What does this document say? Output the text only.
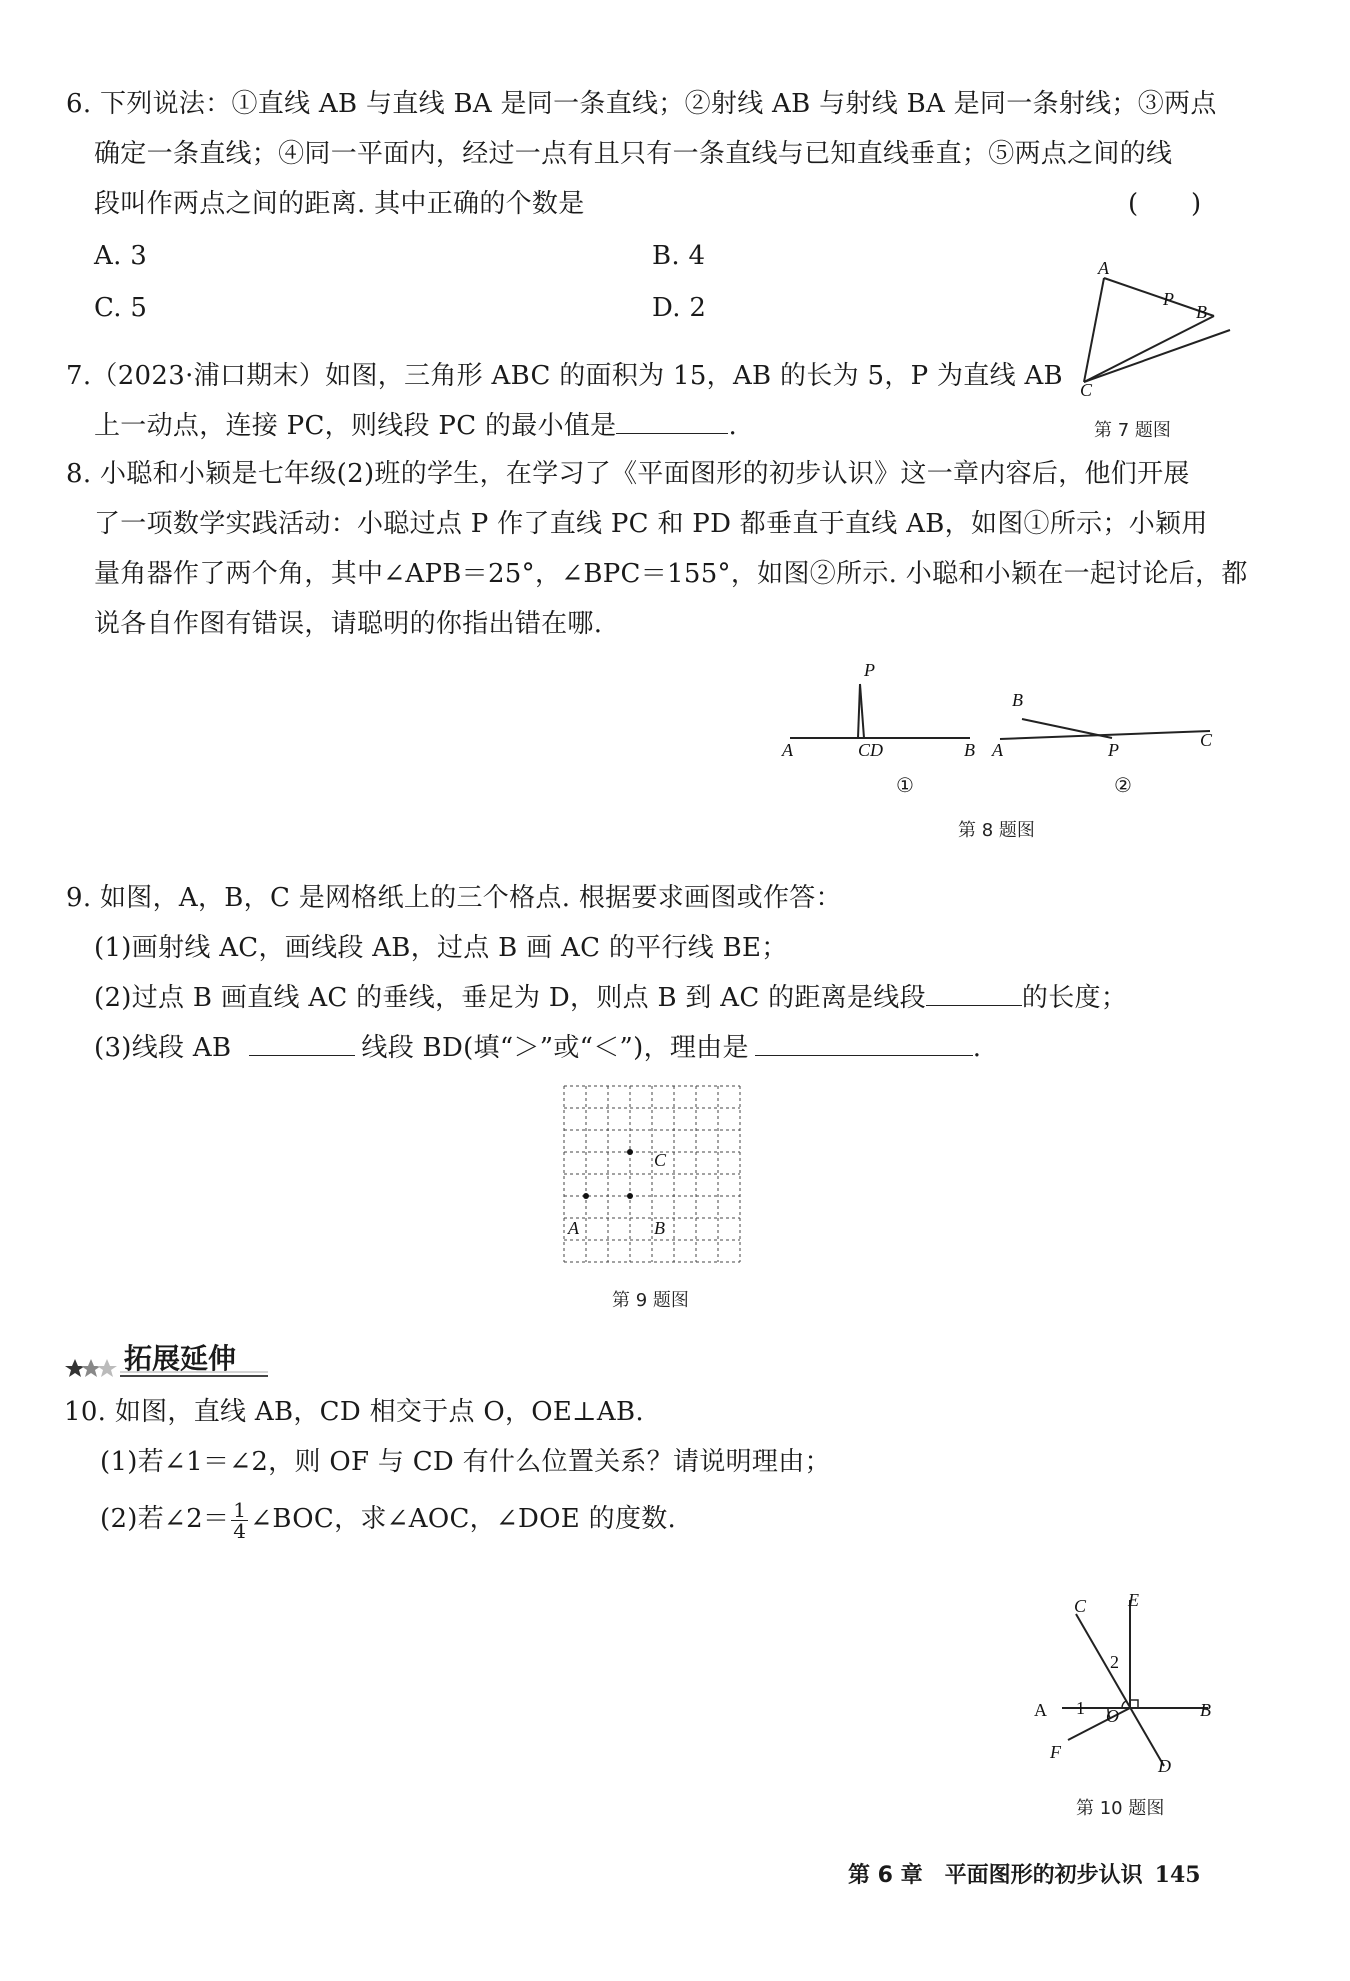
6. 下列说法：①直线 AB 与直线 BA 是同一条直线；②射线 AB 与射线 BA 是同一条射线；③两点
确定一条直线；④同一平面内，经过一点有且只有一条直线与已知直线垂直；⑤两点之间的线
段叫作两点之间的距离. 其中正确的个数是	(　　)
A. 3	B. 4
C. 5	D. 2
7.（2023·浦口期末）如图，三角形 ABC 的面积为 15，AB 的长为 5，P 为直线 AB
上一动点，连接 PC，则线段 PC 的最小值是	.
A
P
B
C
第 7 题图
8. 小聪和小颖是七年级(2)班的学生，在学习了《平面图形的初步认识》这一章内容后，他们开展
了一项数学实践活动：小聪过点 P 作了直线 PC 和 PD 都垂直于直线 AB，如图①所示；小颖用
量角器作了两个角，其中∠APB＝25°，∠BPC＝155°，如图②所示. 小聪和小颖在一起讨论后，都
说各自作图有错误，请聪明的你指出错在哪.
P
A	CD	B
①
B
A	P	C
②
第 8 题图
9. 如图，A，B，C 是网格纸上的三个格点. 根据要求画图或作答：
(1)画射线 AC，画线段 AB，过点 B 画 AC 的平行线 BE；
(2)过点 B 画直线 AC 的垂线，垂足为 D，则点 B 到 AC 的距离是线段	的长度；
(3)线段 AB	线段 BD(填“＞”或“＜”)，理由是	.
C
A	B
第 9 题图
拓展延伸
10. 如图，直线 AB，CD 相交于点 O，OE⊥AB.
(1)若∠1＝∠2，则 OF 与 CD 有什么位置关系？请说明理由；
(2)若∠2＝ $\frac{1}{4}$ ∠BOC，求∠AOC，∠DOE 的度数.
C E
A	B
O
F
D
1
2
第 10 题图
第 6 章　平面图形的初步认识 145
